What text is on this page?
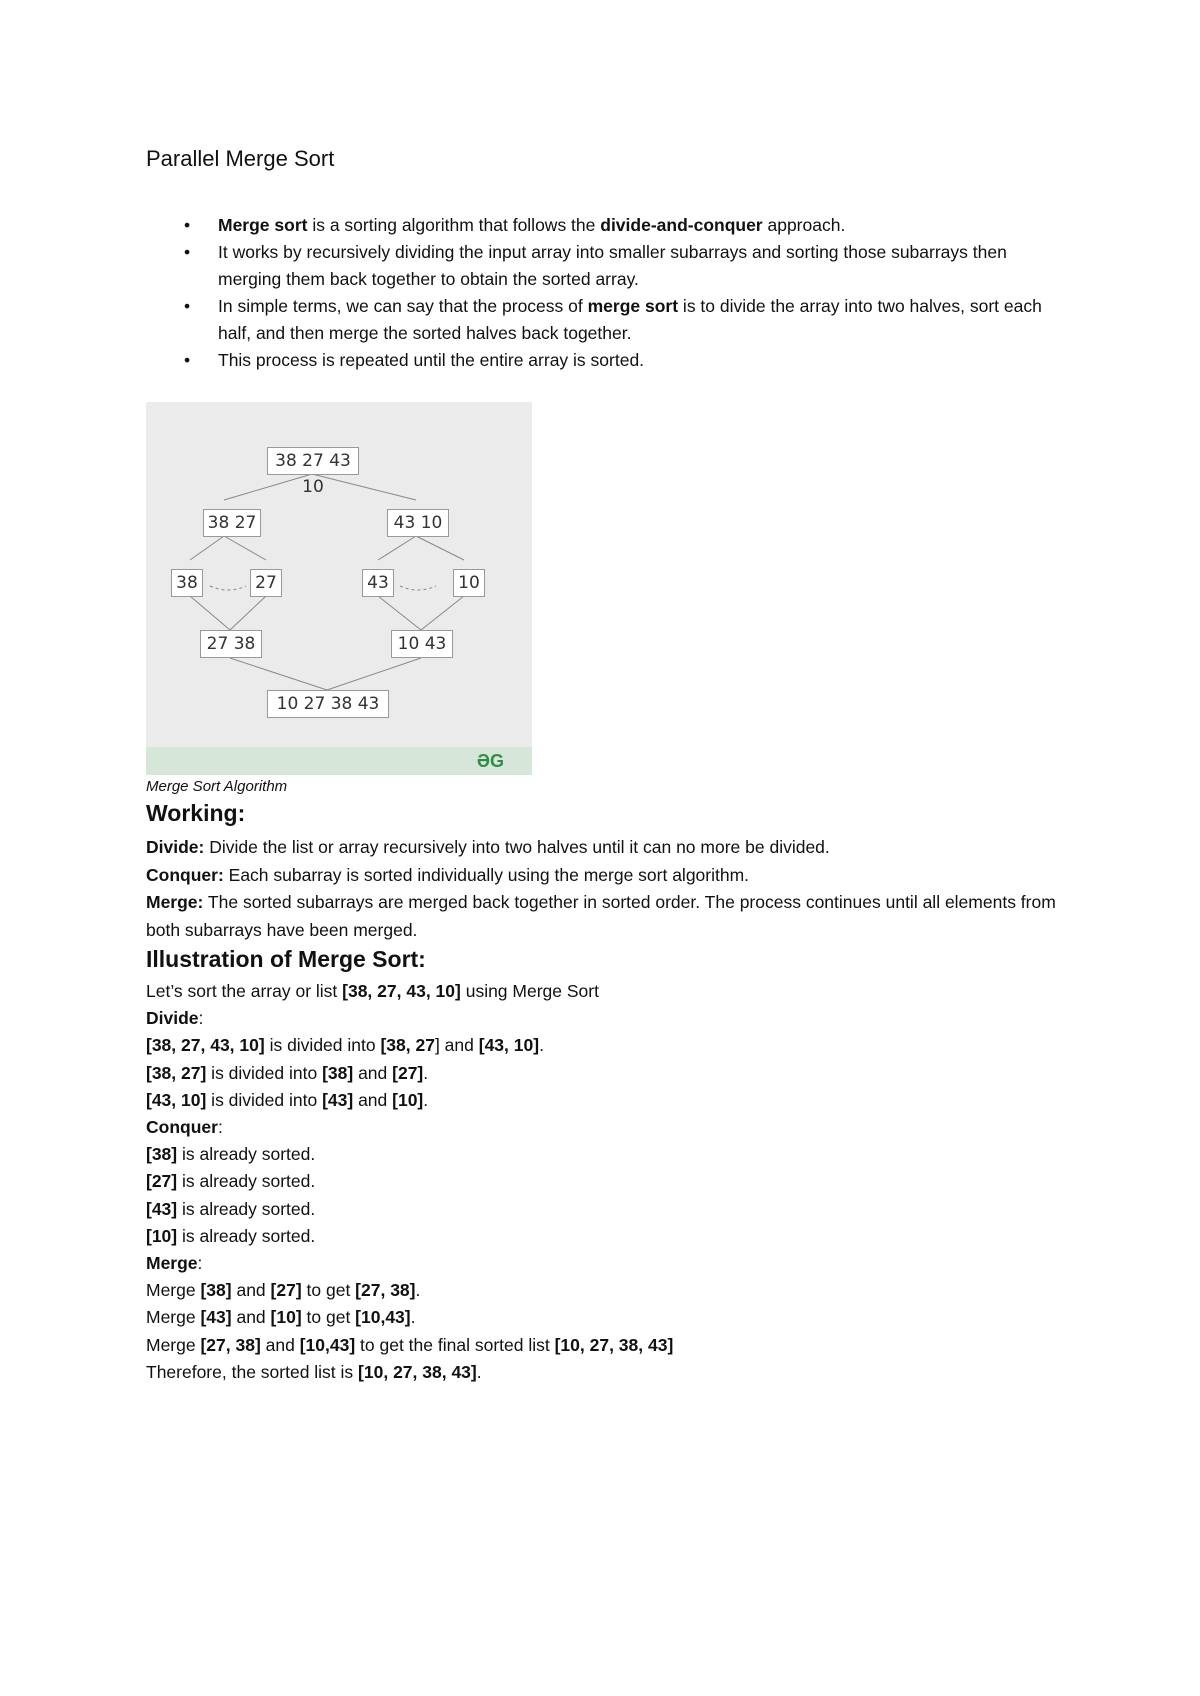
Parallel Merge Sort
• Merge sort is a sorting algorithm that follows the divide-and-conquer approach.
• It works by recursively dividing the input array into smaller subarrays and sorting those subarrays then merging them back together to obtain the sorted array.
• In simple terms, we can say that the process of merge sort is to divide the array into two halves, sort each half, and then merge the sorted halves back together.
• This process is repeated until the entire array is sorted.
38 27 43 10
38 27	43 10
38	27	43	10
27 38	10 43
10 27 38 43
ƏG
Merge Sort Algorithm
Working:
Divide: Divide the list or array recursively into two halves until it can no more be divided.
Conquer: Each subarray is sorted individually using the merge sort algorithm.
Merge: The sorted subarrays are merged back together in sorted order. The process continues until all elements from both subarrays have been merged.
Illustration of Merge Sort:
Let’s sort the array or list [38, 27, 43, 10] using Merge Sort
Divide:
[38, 27, 43, 10] is divided into [38, 27] and [43, 10].
[38, 27] is divided into [38] and [27].
[43, 10] is divided into [43] and [10].
Conquer:
[38] is already sorted.
[27] is already sorted.
[43] is already sorted.
[10] is already sorted.
Merge:
Merge [38] and [27] to get [27, 38].
Merge [43] and [10] to get [10,43].
Merge [27, 38] and [10,43] to get the final sorted list [10, 27, 38, 43]
Therefore, the sorted list is [10, 27, 38, 43].
